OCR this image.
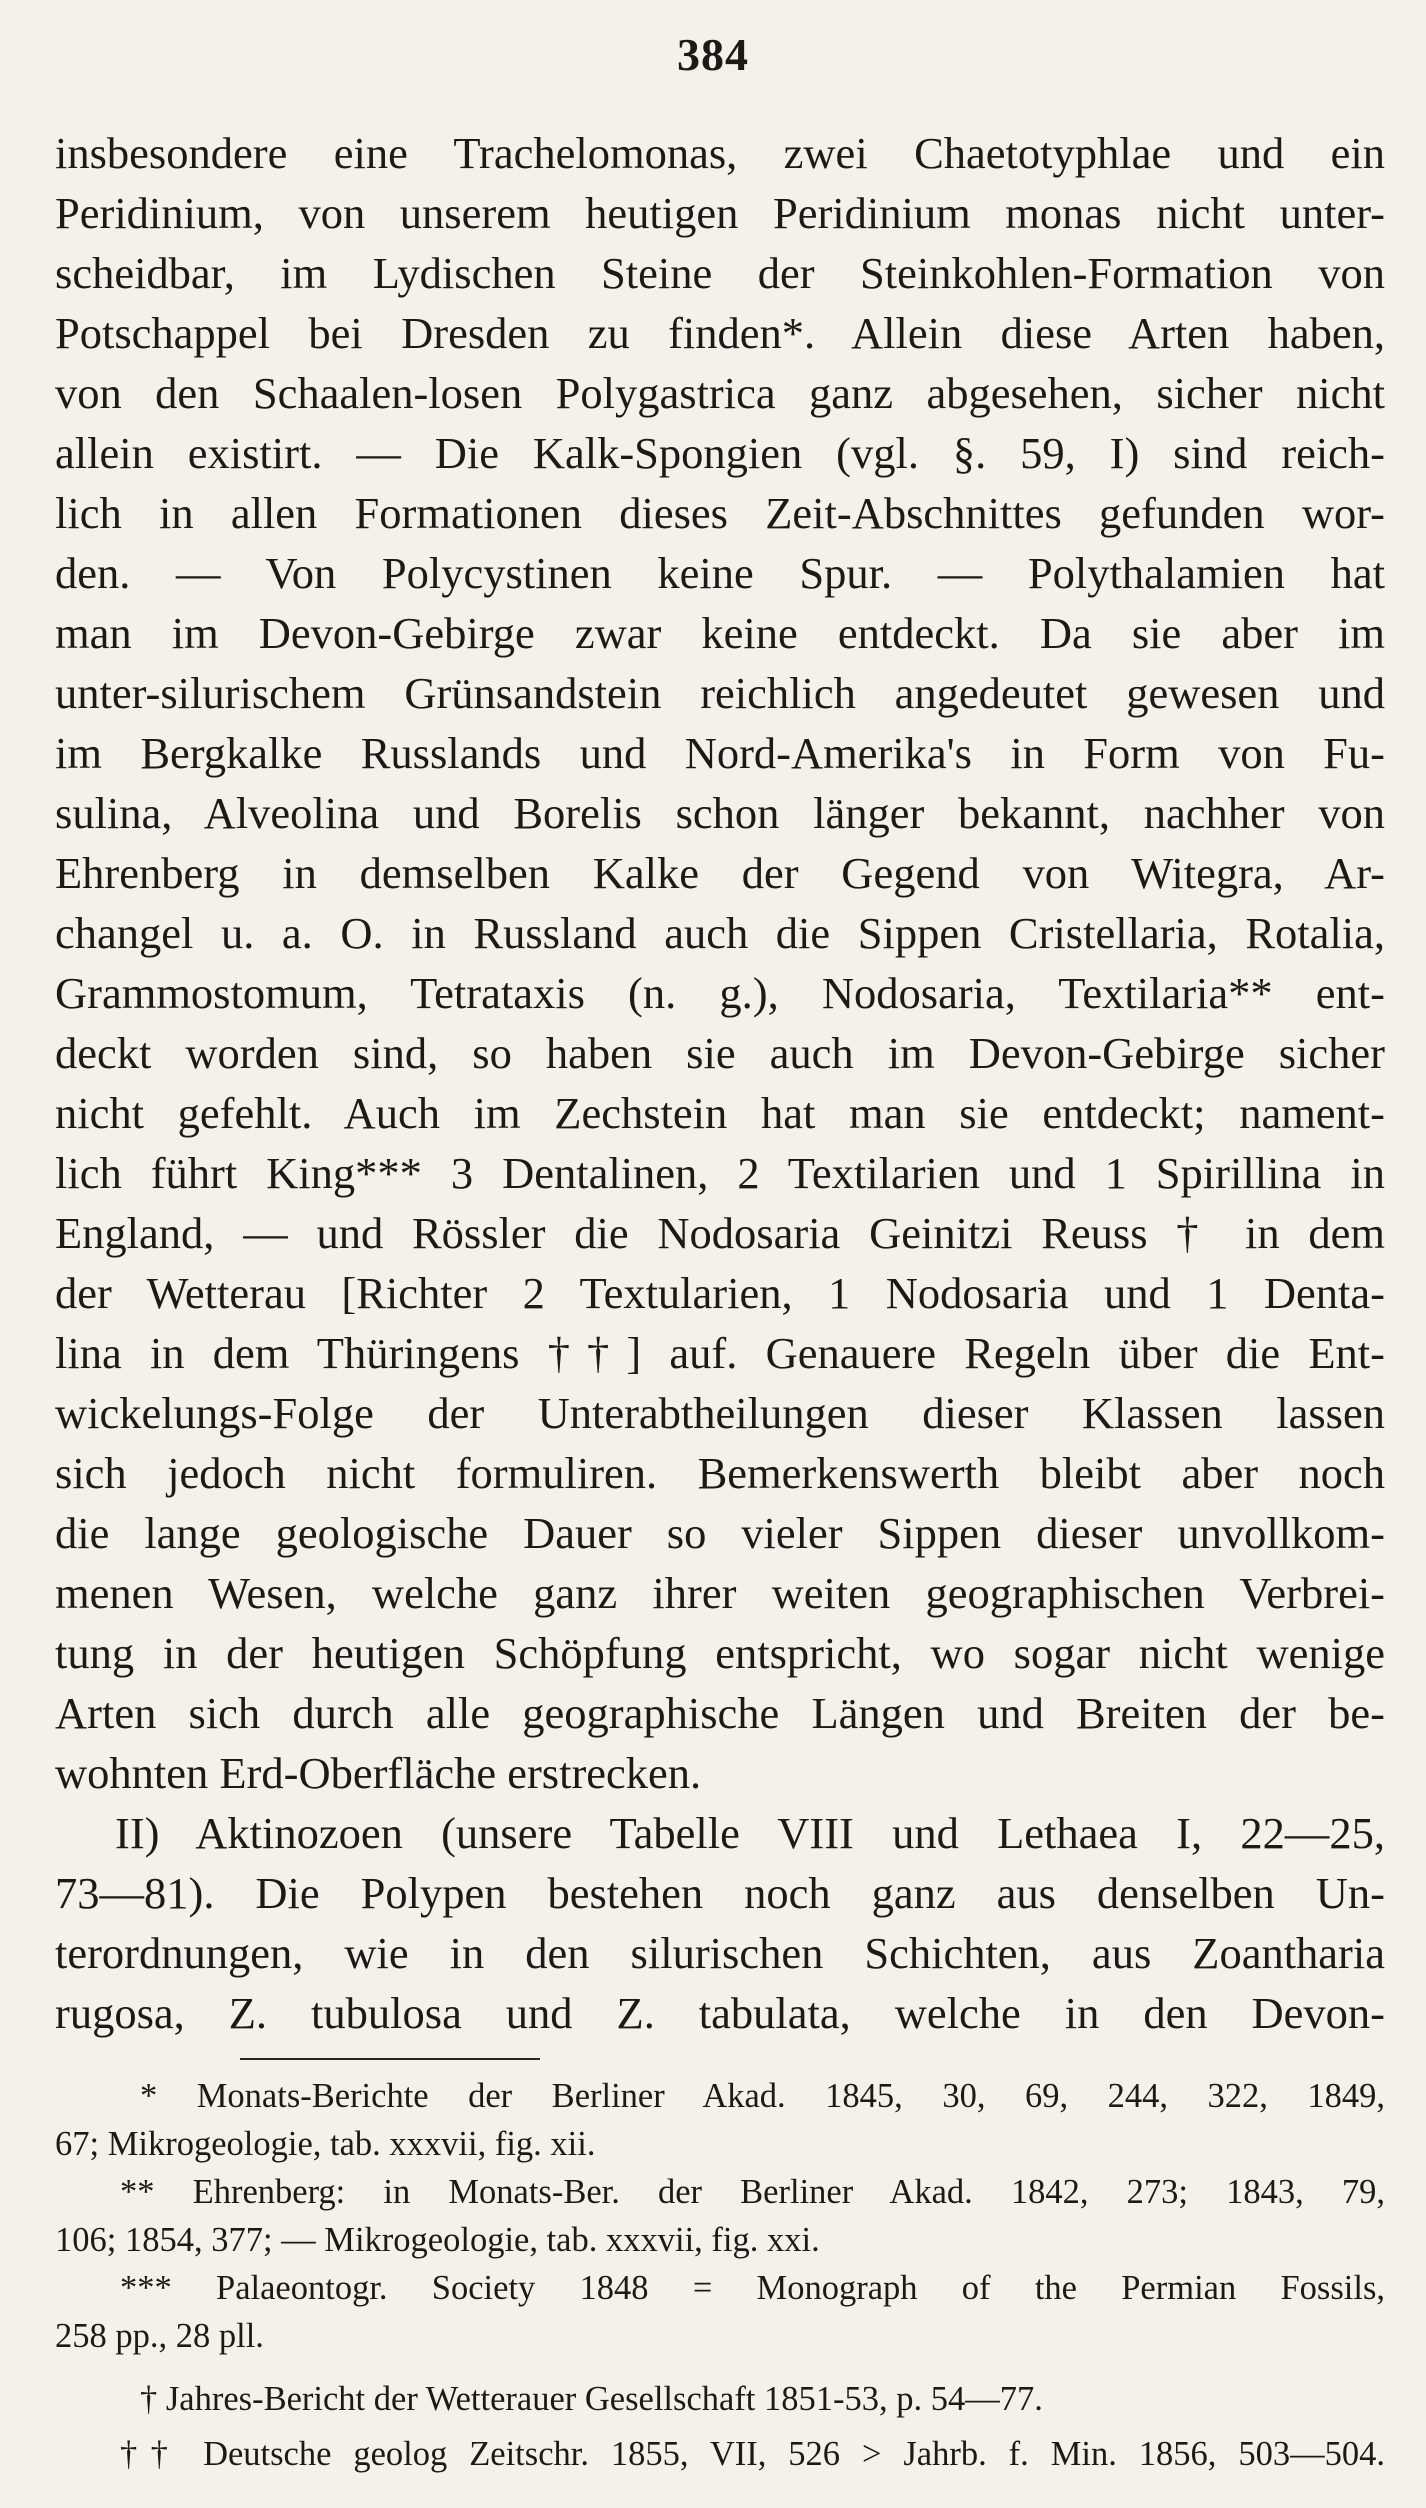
384
insbesondere eine Trachelomonas, zwei Chaetotyphlae und ein
Peridinium, von unserem heutigen Peridinium monas nicht unter-
scheidbar, im Lydischen Steine der Steinkohlen-Formation von
Potschappel bei Dresden zu finden*. Allein diese Arten haben,
von den Schaalen-losen Polygastrica ganz abgesehen, sicher nicht
allein existirt. — Die Kalk-Spongien (vgl. §. 59, I) sind reich-
lich in allen Formationen dieses Zeit-Abschnittes gefunden wor-
den. — Von Polycystinen keine Spur. — Polythalamien hat
man im Devon-Gebirge zwar keine entdeckt. Da sie aber im
unter-silurischem Grünsandstein reichlich angedeutet gewesen und
im Bergkalke Russlands und Nord-Amerika's in Form von Fu-
sulina, Alveolina und Borelis schon länger bekannt, nachher von
Ehrenberg in demselben Kalke der Gegend von Witegra, Ar-
changel u. a. O. in Russland auch die Sippen Cristellaria, Rotalia,
Grammostomum, Tetrataxis (n. g.), Nodosaria, Textilaria** ent-
deckt worden sind, so haben sie auch im Devon-Gebirge sicher
nicht gefehlt. Auch im Zechstein hat man sie entdeckt; nament-
lich führt King*** 3 Dentalinen, 2 Textilarien und 1 Spirillina in
England, — und Rössler die Nodosaria Geinitzi Reuss † in dem
der Wetterau [Richter 2 Textularien, 1 Nodosaria und 1 Denta-
lina in dem Thüringens ††] auf. Genauere Regeln über die Ent-
wickelungs-Folge der Unterabtheilungen dieser Klassen lassen
sich jedoch nicht formuliren. Bemerkenswerth bleibt aber noch
die lange geologische Dauer so vieler Sippen dieser unvollkom-
menen Wesen, welche ganz ihrer weiten geographischen Verbrei-
tung in der heutigen Schöpfung entspricht, wo sogar nicht wenige
Arten sich durch alle geographische Längen und Breiten der be-
wohnten Erd-Oberfläche erstrecken.
II) Aktinozoen (unsere Tabelle VIII und Lethaea I, 22—25,
73—81). Die Polypen bestehen noch ganz aus denselben Un-
terordnungen, wie in den silurischen Schichten, aus Zoantharia
rugosa, Z. tubulosa und Z. tabulata, welche in den Devon-
* Monats-Berichte der Berliner Akad. 1845, 30, 69, 244, 322, 1849,
67; Mikrogeologie, tab. xxxvii, fig. xii.
** Ehrenberg: in Monats-Ber. der Berliner Akad. 1842, 273; 1843, 79,
106; 1854, 377; — Mikrogeologie, tab. xxxvii, fig. xxi.
*** Palaeontogr. Society 1848 = Monograph of the Permian Fossils,
258 pp., 28 pll.
† Jahres-Bericht der Wetterauer Gesellschaft 1851-53, p. 54—77.
†† Deutsche geolog Zeitschr. 1855, VII, 526 > Jahrb. f. Min. 1856, 503—504.
